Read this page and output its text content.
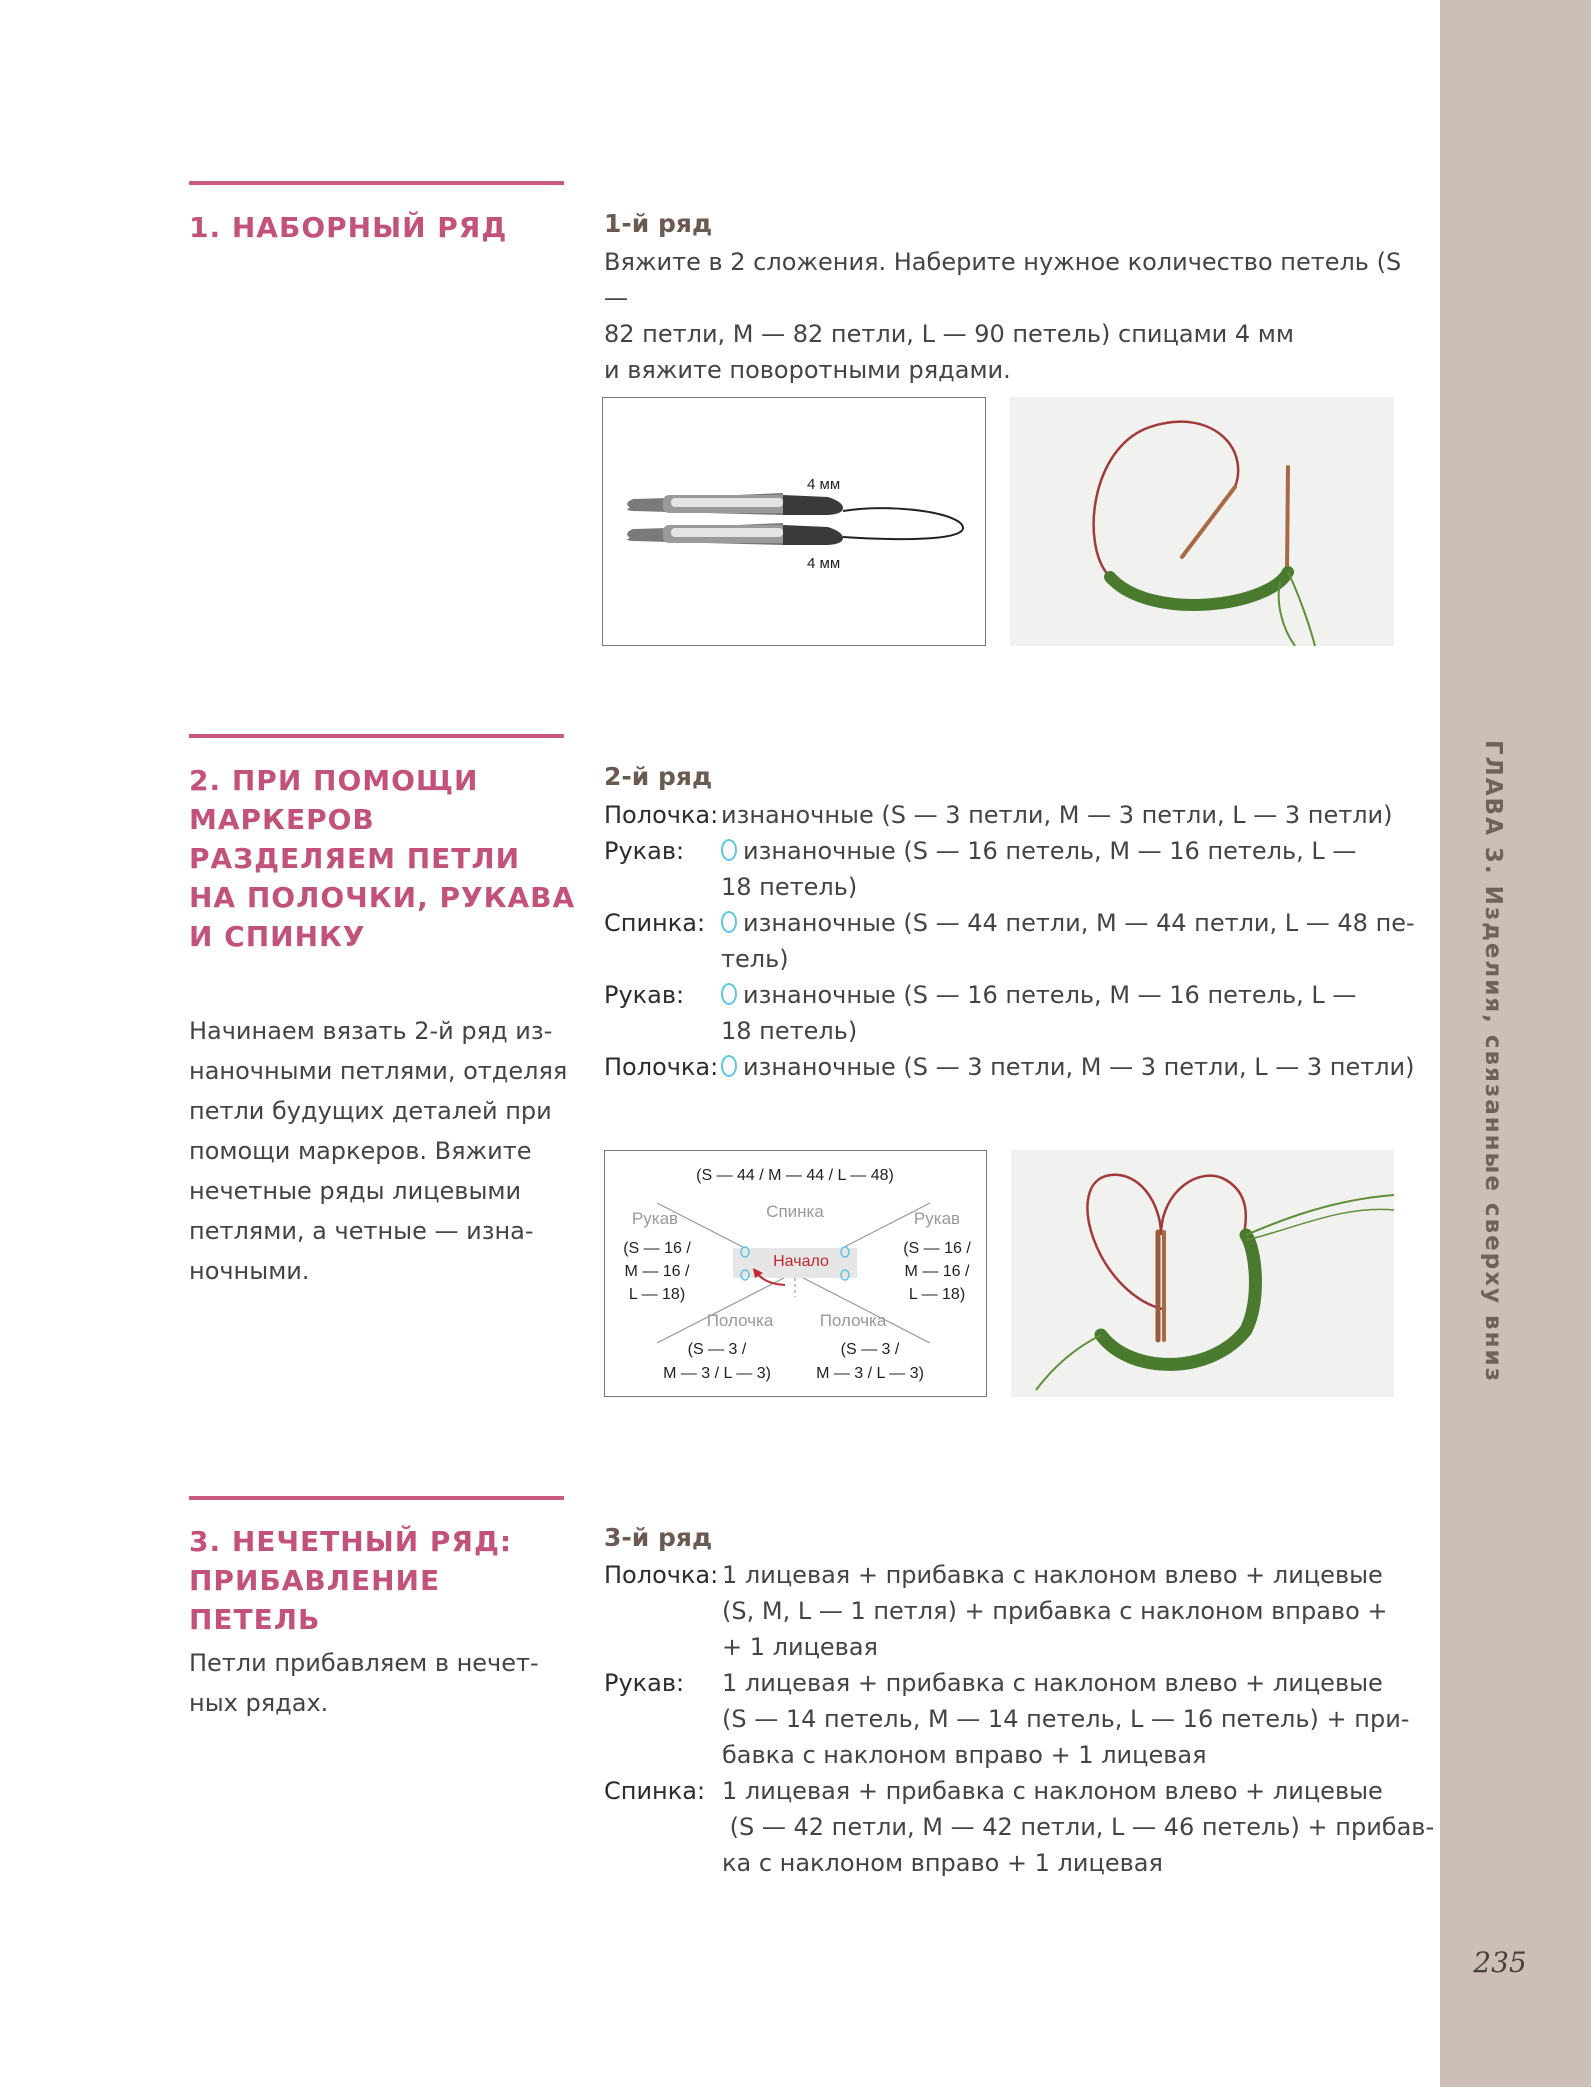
ГЛАВА 3. Изделия, связанные сверху вниз
235
1. НАБОРНЫЙ РЯД	1-й ряд
Вяжите в 2 сложения. Наберите нужное количество петель (S —
82 петли, M — 82 петли, L — 90 петель) спицами 4 мм
и вяжите поворотными рядами.
4 мм
4 мм
2. ПРИ ПОМОЩИ
МАРКЕРОВ
РАЗДЕЛЯЕМ ПЕТЛИ
НА ПОЛОЧКИ, РУКАВА
И СПИНКУ
Начинаем вязать 2-й ряд из-
наночными петлями, отделяя
петли будущих деталей при
помощи маркеров. Вяжите
нечетные ряды лицевыми
петлями, а четные — изна-
ночными.
2-й ряд
Полочка: изнаночные (S — 3 петли, M — 3 петли, L — 3 петли)
Рукав:	изнаночные (S — 16 петель, M — 16 петель, L —
18 петель)
Спинка:	изнаночные (S — 44 петли, M — 44 петли, L — 48 пе-
тель)
Рукав:	изнаночные (S — 16 петель, M — 16 петель, L —
18 петель)
Полочка:	изнаночные (S — 3 петли, M — 3 петли, L — 3 петли)
(S — 44 / M — 44 / L — 48)
Спинка
Рукав	Рукав
(S — 16 /
M — 16 /
L — 18)
(S — 16 /
M — 16 /
L — 18)
Начало
Полочка	Полочка
(S — 3 /
M — 3 / L — 3)
(S — 3 /
M — 3 / L — 3)
3. НЕЧЕТНЫЙ РЯД:
ПРИБАВЛЕНИЕ ПЕТЕЛЬ
Петли прибавляем в нечет-
ных рядах.
3-й ряд
Полочка: 1 лицевая + прибавка с наклоном влево + лицевые
(S, M, L — 1 петля) + прибавка с наклоном вправо +
+ 1 лицевая
Рукав: 1 лицевая + прибавка с наклоном влево + лицевые
(S — 14 петель, M — 14 петель, L — 16 петель) + при-
бавка с наклоном вправо + 1 лицевая
Спинка: 1 лицевая + прибавка с наклоном влево + лицевые
(S — 42 петли, M — 42 петли, L — 46 петель) + прибав-
ка с наклоном вправо + 1 лицевая
